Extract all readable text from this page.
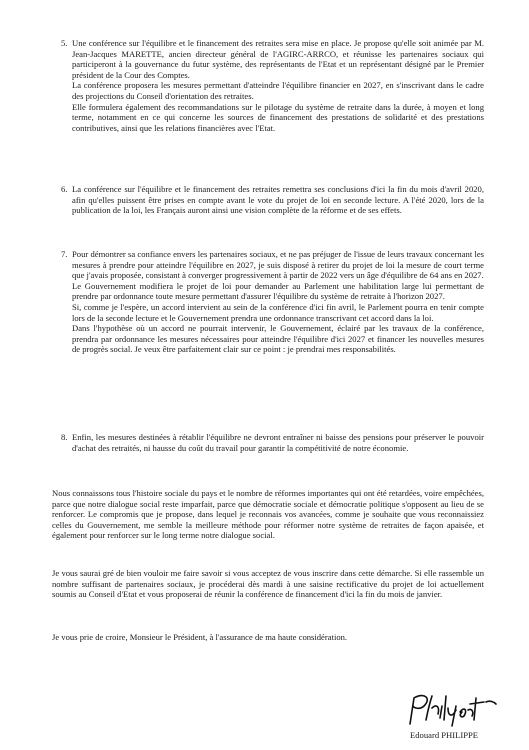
5. Une conférence sur l'équilibre et le financement des retraites sera mise en place. Je propose qu'elle soit animée par M. Jean-Jacques MARETTE, ancien directeur général de l'AGIRC-ARRCO, et réunisse les partenaires sociaux qui participeront à la gouvernance du futur système, des représentants de l'Etat et un représentant désigné par le Premier président de la Cour des Comptes.

La conférence proposera les mesures permettant d'atteindre l'équilibre financier en 2027, en s'inscrivant dans le cadre des projections du Conseil d'orientation des retraites.

Elle formulera également des recommandations sur le pilotage du système de retraite dans la durée, à moyen et long terme, notamment en ce qui concerne les sources de financement des prestations de solidarité et des prestations contributives, ainsi que les relations financières avec l'Etat.

6. La conférence sur l'équilibre et le financement des retraites remettra ses conclusions d'ici la fin du mois d'avril 2020, afin qu'elles puissent être prises en compte avant le vote du projet de loi en seconde lecture. A l'été 2020, lors de la publication de la loi, les Français auront ainsi une vision complète de la réforme et de ses effets.

7. Pour démontrer sa confiance envers les partenaires sociaux, et ne pas préjuger de l'issue de leurs travaux concernant les mesures à prendre pour atteindre l'équilibre en 2027, je suis disposé à retirer du projet de loi la mesure de court terme que j'avais proposée, consistant à converger progressivement à partir de 2022 vers un âge d'équilibre de 64 ans en 2027.

Le Gouvernement modifiera le projet de loi pour demander au Parlement une habilitation large lui permettant de prendre par ordonnance toute mesure permettant d'assurer l'équilibre du système de retraite à l'horizon 2027.

Si, comme je l'espère, un accord intervient au sein de la conférence d'ici fin avril, le Parlement pourra en tenir compte lors de la seconde lecture et le Gouvernement prendra une ordonnance transcrivant cet accord dans la loi.

Dans l'hypothèse où un accord ne pourrait intervenir, le Gouvernement, éclairé par les travaux de la conférence, prendra par ordonnance les mesures nécessaires pour atteindre l'équilibre d'ici 2027 et financer les nouvelles mesures de progrès social. Je veux être parfaitement clair sur ce point : je prendrai mes responsabilités.

8. Enfin, les mesures destinées à rétablir l'équilibre ne devront entraîner ni baisse des pensions pour préserver le pouvoir d'achat des retraités, ni hausse du coût du travail pour garantir la compétitivité de notre économie.

Nous connaissons tous l'histoire sociale du pays et le nombre de réformes importantes qui ont été retardées, voire empêchées, parce que notre dialogue social reste imparfait, parce que démocratie sociale et démocratie politique s'opposent au lieu de se renforcer. Le compromis que je propose, dans lequel je reconnais vos avancées, comme je souhaite que vous reconnaissiez celles du Gouvernement, me semble la meilleure méthode pour réformer notre système de retraites de façon apaisée, et également pour renforcer sur le long terme notre dialogue social.

Je vous saurai gré de bien vouloir me faire savoir si vous acceptez de vous inscrire dans cette démarche. Si elle rassemble un nombre suffisant de partenaires sociaux, je procéderai dès mardi à une saisine rectificative du projet de loi actuellement soumis au Conseil d'Etat et vous proposerai de réunir la conférence de financement d'ici la fin du mois de janvier.

Je vous prie de croire, Monsieur le Président, à l'assurance de ma haute considération.

Edouard PHILIPPE
